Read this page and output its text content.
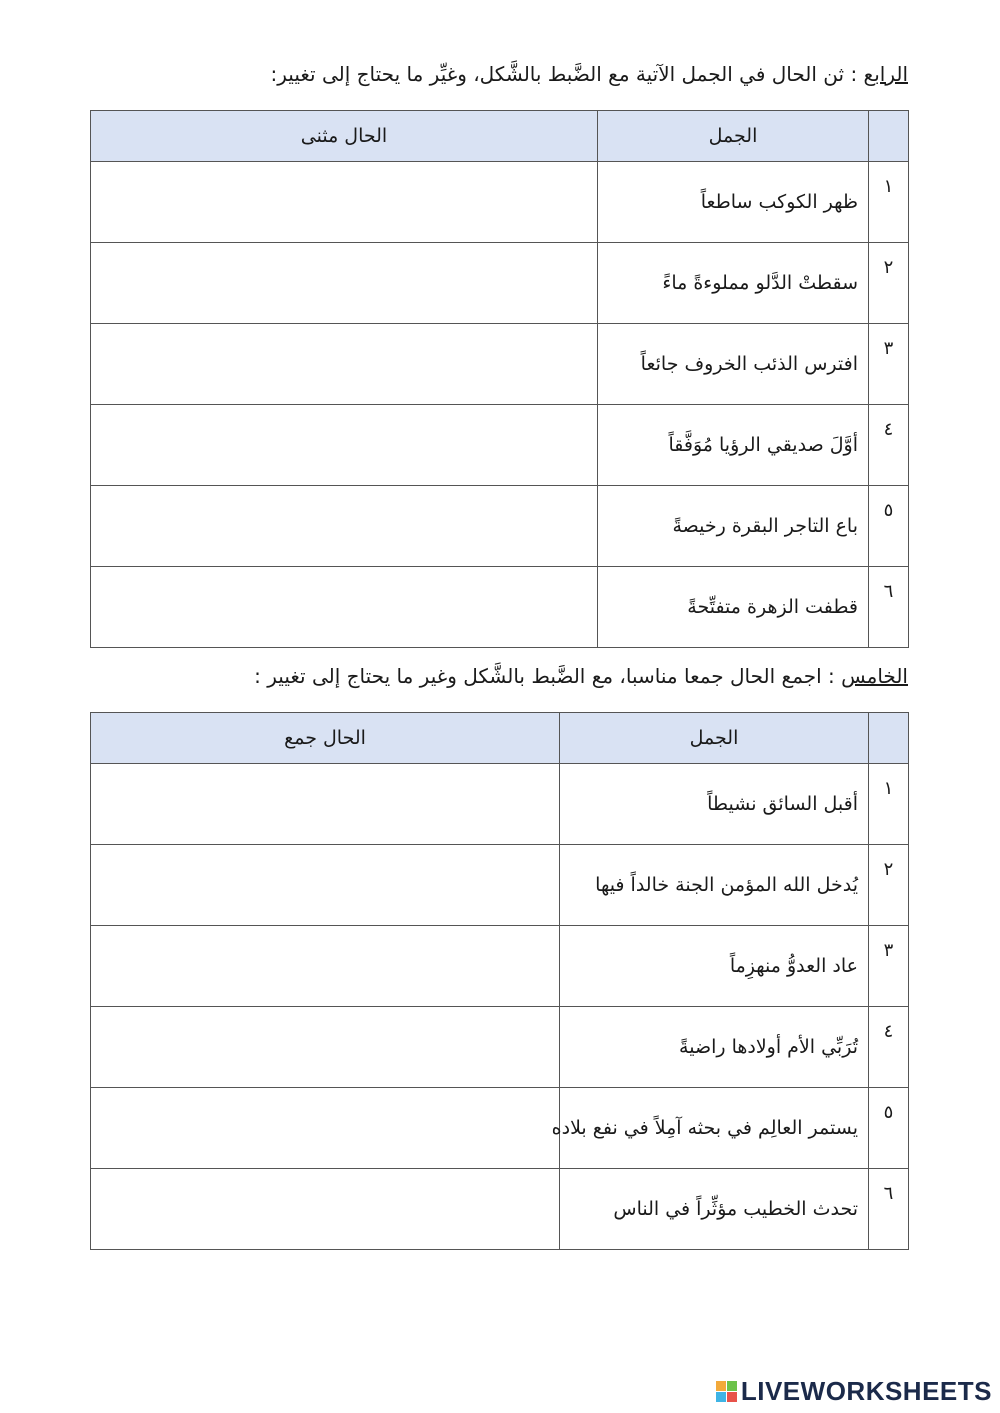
الرابع : ثن الحال في الجمل الآتية مع الضَّبط بالشَّكل، وغيِّر ما يحتاج إلى تغيير:
	الجمل	الحال مثنى
١	ظهر الكوكب ساطعاً	
٢	سقطتْ الدَّلو مملوءةً ماءً	
٣	افترس الذئب الخروف جائعاً	
٤	أوَّلَ صديقي الرؤيا مُوَفَّقاً	
٥	باع التاجر البقرة رخيصةً	
٦	قطفت الزهرة متفتِّحةً	
الخامس : اجمع الحال جمعا مناسبا، مع الضَّبط بالشَّكل وغير ما يحتاج إلى تغيير :
	الجمل	الحال جمع
١	أقبل السائق نشيطاً	
٢	يُدخل الله المؤمن الجنة خالداً فيها	
٣	عاد العدوُّ منهزِماً	
٤	تُرَبِّي الأم أولادها راضيةً	
٥	يستمر العالِم في بحثه آمِلاً في نفع بلاده	
٦	تحدث الخطيب مؤثِّراً في الناس	
LIVEWORKSHEETS
